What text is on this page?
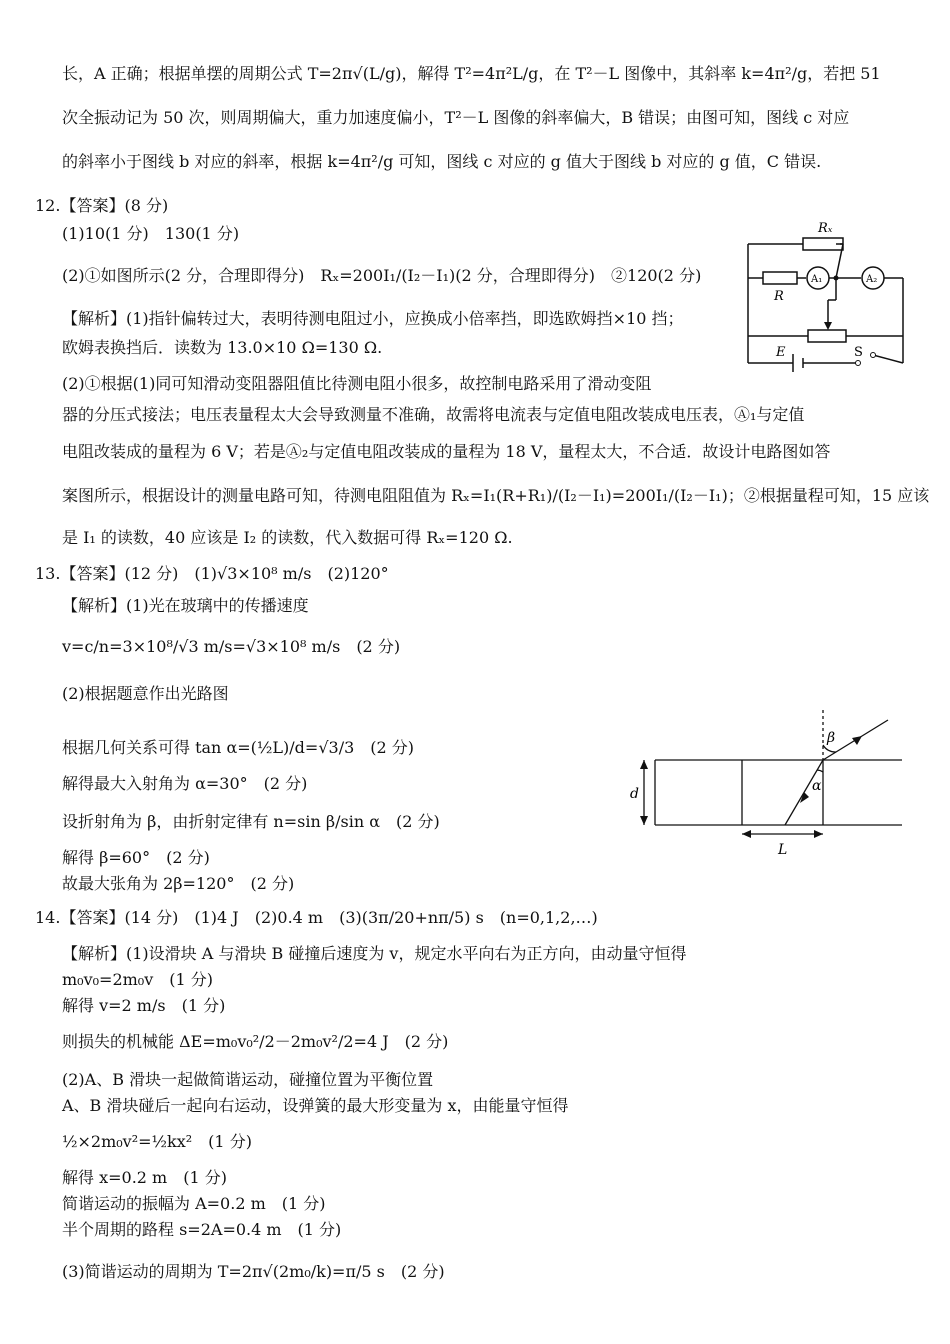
长，A 正确；根据单摆的周期公式 T=2π√(L/g)，解得 T²=4π²L/g，在 T²－L 图像中，其斜率 k=4π²/g，若把 51
次全振动记为 50 次，则周期偏大，重力加速度偏小，T²－L 图像的斜率偏大，B 错误；由图可知，图线 c 对应
的斜率小于图线 b 对应的斜率，根据 k=4π²/g 可知，图线 c 对应的 g 值大于图线 b 对应的 g 值，C 错误.
12.【答案】(8 分)
(1)10(1 分)　130(1 分)
(2)①如图所示(2 分，合理即得分)　Rₓ=200I₁/(I₂－I₁)(2 分，合理即得分)　②120(2 分)
【解析】(1)指针偏转过大，表明待测电阻过小，应换成小倍率挡，即选欧姆挡×10 挡；
欧姆表换挡后．读数为 13.0×10 Ω=130 Ω.
(2)①根据(1)同可知滑动变阻器阻值比待测电阻小很多，故控制电路采用了滑动变阻
器的分压式接法；电压表量程太大会导致测量不准确，故需将电流表与定值电阻改装成电压表，Ⓐ₁与定值
电阻改装成的量程为 6 V；若是Ⓐ₂与定值电阻改装成的量程为 18 V，量程太大，不合适．故设计电路图如答
案图所示，根据设计的测量电路可知，待测电阻阻值为 Rₓ=I₁(R+R₁)/(I₂－I₁)=200I₁/(I₂－I₁)；②根据量程可知，15 应该
是 I₁ 的读数，40 应该是 I₂ 的读数，代入数据可得 Rₓ=120 Ω.
Rₓ
R
A₁	A₂
E	S
13.【答案】(12 分)　(1)√3×10⁸ m/s　(2)120°
【解析】(1)光在玻璃中的传播速度
v=c/n=3×10⁸/√3 m/s=√3×10⁸ m/s　(2 分)
(2)根据题意作出光路图
根据几何关系可得 tan α=(½L)/d=√3/3　(2 分)
解得最大入射角为 α=30°　(2 分)
设折射角为 β，由折射定律有 n=sin β/sin α　(2 分)
解得 β=60°　(2 分)
故最大张角为 2β=120°　(2 分)
β
α
d
L
14.【答案】(14 分)　(1)4 J　(2)0.4 m　(3)(3π/20+nπ/5) s　(n=0,1,2,…)
【解析】(1)设滑块 A 与滑块 B 碰撞后速度为 v，规定水平向右为正方向，由动量守恒得
m₀v₀=2m₀v　(1 分)
解得 v=2 m/s　(1 分)
则损失的机械能 ΔE=m₀v₀²/2－2m₀v²/2=4 J　(2 分)
(2)A、B 滑块一起做简谐运动，碰撞位置为平衡位置
A、B 滑块碰后一起向右运动，设弹簧的最大形变量为 x，由能量守恒得
½×2m₀v²=½kx²　(1 分)
解得 x=0.2 m　(1 分)
简谐运动的振幅为 A=0.2 m　(1 分)
半个周期的路程 s=2A=0.4 m　(1 分)
(3)简谐运动的周期为 T=2π√(2m₀/k)=π/5 s　(2 分)
